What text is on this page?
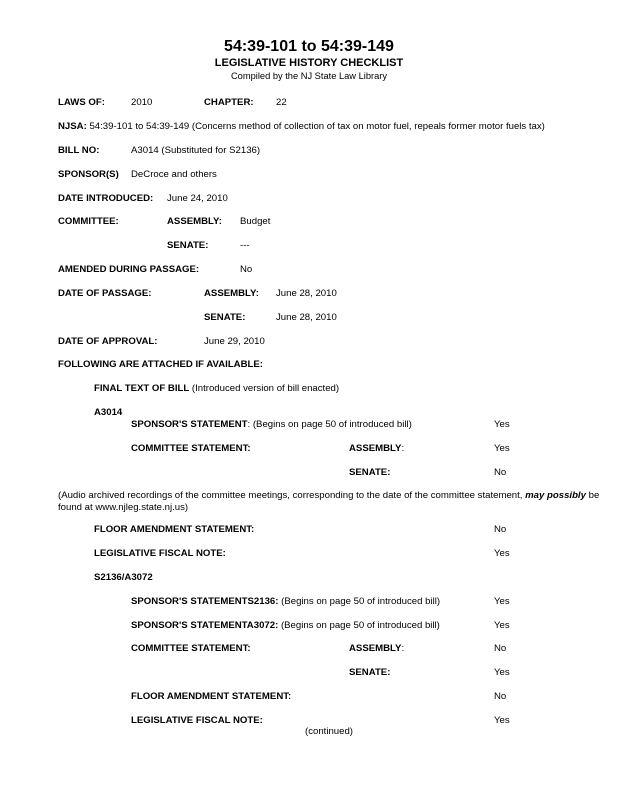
54:39-101 to 54:39-149
LEGISLATIVE HISTORY CHECKLIST
Compiled by the NJ State Law Library
LAWS OF:	2010	CHAPTER: 22
NJSA: 54:39-101 to 54:39-149 (Concerns method of collection of tax on motor fuel, repeals former motor fuels tax)
BILL NO:	A3014 (Substituted for S2136)
SPONSOR(S) DeCroce and others
DATE INTRODUCED: June 24, 2010
COMMITTEE:	ASSEMBLY: Budget
SENATE:	---
AMENDED DURING PASSAGE:	No
DATE OF PASSAGE:	ASSEMBLY: June 28, 2010
SENATE:	June 28, 2010
DATE OF APPROVAL:	June 29, 2010
FOLLOWING ARE ATTACHED IF AVAILABLE:
FINAL TEXT OF BILL (Introduced version of bill enacted)
A3014
SPONSOR'S STATEMENT: (Begins on page 50 of introduced bill)	Yes
COMMITTEE STATEMENT:	ASSEMBLY:	Yes
SENATE:	No
(Audio archived recordings of the committee meetings, corresponding to the date of the committee statement, may possibly be found at www.njleg.state.nj.us)
FLOOR AMENDMENT STATEMENT:	No
LEGISLATIVE FISCAL NOTE:	Yes
S2136/A3072
SPONSOR'S STATEMENTS2136: (Begins on page 50 of introduced bill)	Yes
SPONSOR'S STATEMENTA3072: (Begins on page 50 of introduced bill)	Yes
COMMITTEE STATEMENT:	ASSEMBLY:	No
SENATE:	Yes
FLOOR AMENDMENT STATEMENT:	No
LEGISLATIVE FISCAL NOTE:	Yes
(continued)
